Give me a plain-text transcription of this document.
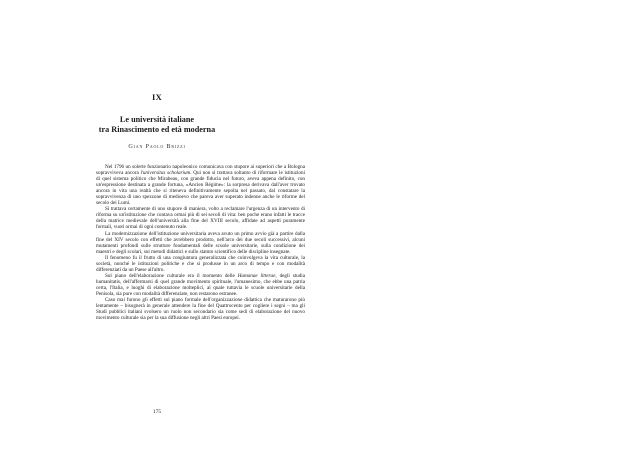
IX
Le università italiane
tra Rinascimento ed età moderna
Gian Paolo Brizzi

Nel 1796 un solerte funzionario napoleonico comunicava con stupore ai superiori che a Bologna sopravviveva ancora l'universitas scholarium. Qui non si trattava soltanto di riformare le istituzioni di quel sistema politico che Mirabeau, con grande fiducia nel futuro, aveva appena definito, con un'espressione destinata a grande fortuna, «Ancien Régime»: la sorpresa derivava dall'aver trovato ancora in vita una realtà che si riteneva definitivamente sepolta nel passato, dal constatare la sopravvivenza di uno spezzone di medioevo che pareva aver superato indenne anche le riforme del secolo dei Lumi.

Si trattava certamente di uno stupore di maniera, volto a reclamare l'urgenza di un intervento di riforma su un'istituzione che contava ormai più di sei secoli di vita: ben poche erano infatti le tracce della matrice medievale dell'università alla fine del XVIII secolo, affidate ad aspetti puramente formali, vuoti ormai di ogni contenuto reale.

La modernizzazione dell'istituzione universitaria aveva avuto un primo avvio già a partire dalla fine del XIV secolo con effetti che avrebbero prodotto, nell'arco dei due secoli successivi, alcuni mutamenti profondi sulle strutture fondamentali delle scuole universitarie, sulla condizione dei maestri e degli scolari, sui metodi didattici e sullo statuto scientifico delle discipline insegnate.

Il fenomeno fu il frutto di una congiuntura generalizzata che coinvolgeva la vita culturale, la società, nonché le istituzioni politiche e che si produsse in un arco di tempo e con modalità differenziati da un Paese all'altro.

Sul piano dell'elaborazione culturale era il momento delle Humanae litterae, degli studia humanitatis, dell'affermarsi di quel grande movimento spirituale, l'umanesimo, che ebbe una patria certa, l'Italia, e luoghi di elaborazione molteplici, al quale tuttavia le scuole universitarie della Penisola, sia pure con modalità differenziate, non restarono estranee.

Caso mai furono gli effetti sul piano formale dell'organizzazione didattica che maturarono più lentamente – bisognerà in generale attendere la fine del Quattrocento per cogliere i segni – ma gli Studi pubblici italiani svolsero un ruolo non secondario sia come sedi di elaborazione del nuovo movimento culturale sia per la sua diffusione negli altri Paesi europei.

175
